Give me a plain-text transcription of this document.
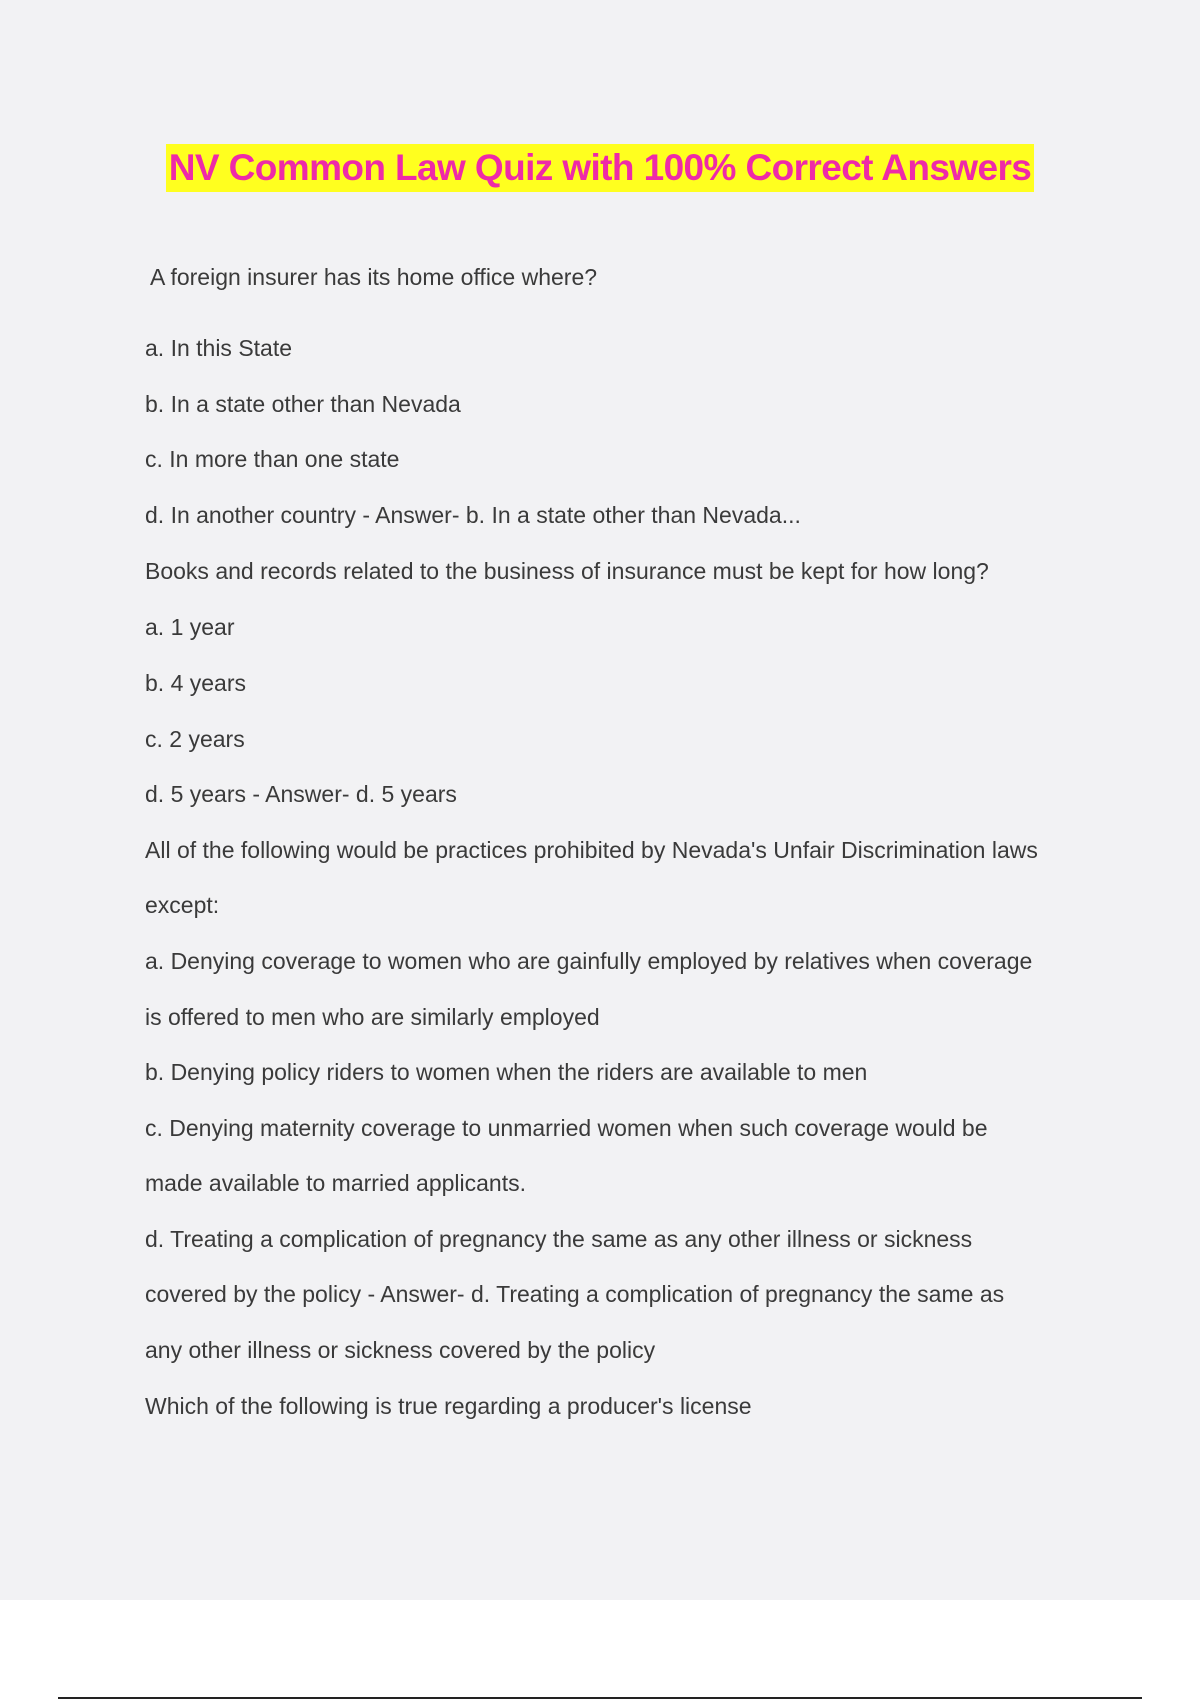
NV Common Law Quiz with 100% Correct Answers
A foreign insurer has its home office where?
a. In this State
b. In a state other than Nevada
c. In more than one state
d. In another country - Answer- b. In a state other than Nevada...
Books and records related to the business of insurance must be kept for how long?
a. 1 year
b. 4 years
c. 2 years
d. 5 years - Answer- d. 5 years
All of the following would be practices prohibited by Nevada's Unfair Discrimination laws
except:
a. Denying coverage to women who are gainfully employed by relatives when coverage
is offered to men who are similarly employed
b. Denying policy riders to women when the riders are available to men
c. Denying maternity coverage to unmarried women when such coverage would be
made available to married applicants.
d. Treating a complication of pregnancy the same as any other illness or sickness
covered by the policy - Answer- d. Treating a complication of pregnancy the same as
any other illness or sickness covered by the policy
Which of the following is true regarding a producer's license
